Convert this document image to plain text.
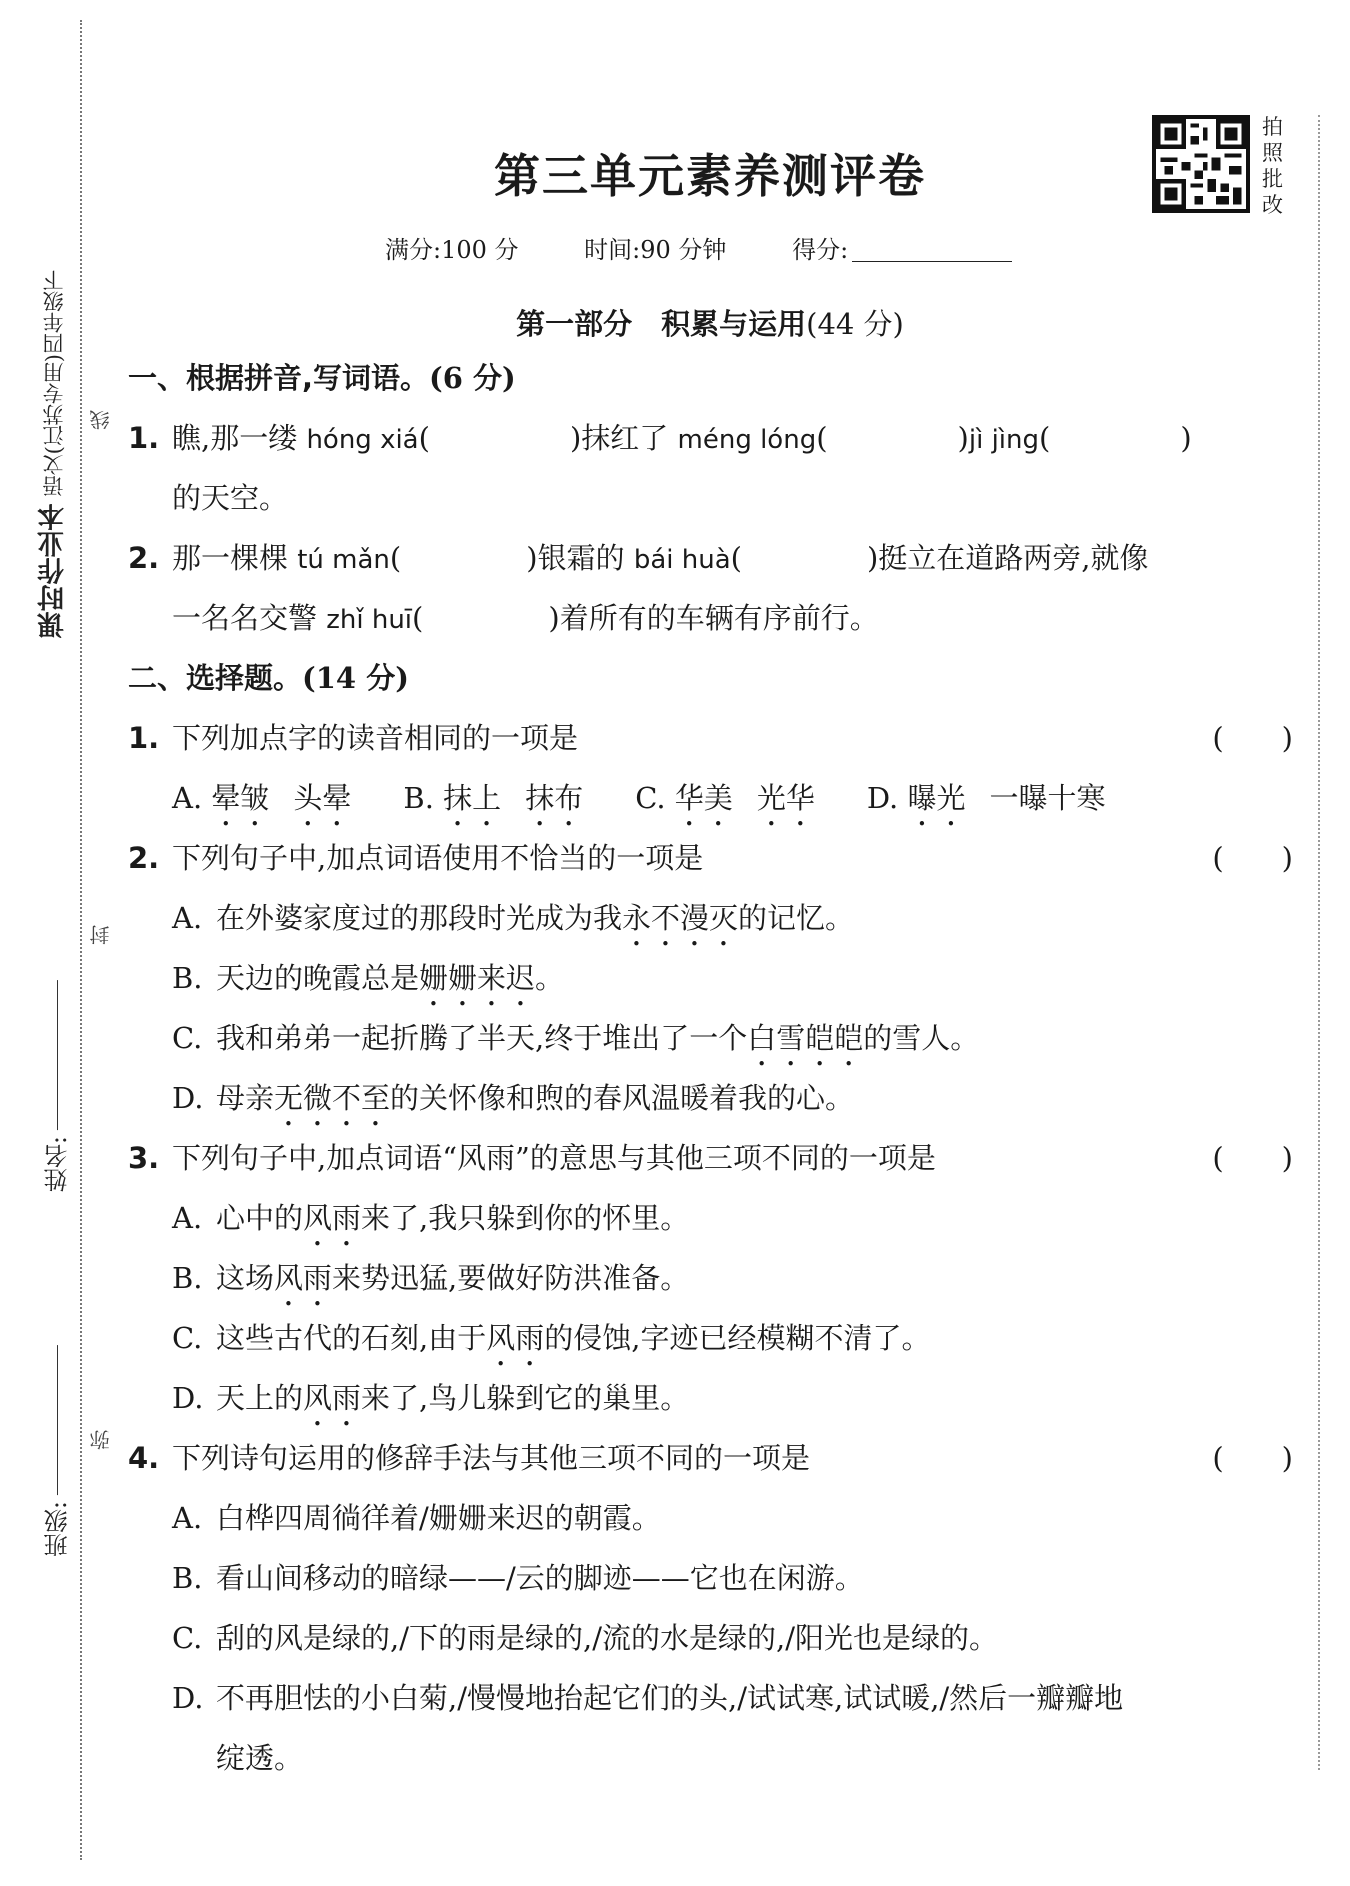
课时作业本 语文(江苏专用)四年级下	线
封
弥
姓名:
班级:
拍照批改
第三单元素养测评卷
满分:100 分	时间:90 分钟	得分:
第一部分　积累与运用(44 分)
一、根据拼音,写词语。(6 分)
1. 瞧,那一缕 hóng xiá(	)抹红了 méng lóng(	)jì jìng(	)
的天空。
2. 那一棵棵 tú mǎn(	)银霜的 bái huà(	)挺立在道路两旁,就像
一名名交警 zhǐ huī(	)着所有的车辆有序前行。
二、选择题。(14 分)
1. 下列加点字的读音相同的一项是	(　　)
A. 晕皱 头晕 B. 抹上 抹布 C. 华美 光华 D. 曝光 一曝十寒
2. 下列句子中,加点词语使用不恰当的一项是	(　　)
A. 在外婆家度过的那段时光成为我永不漫灭的记忆。
B. 天边的晚霞总是姗姗来迟。
C. 我和弟弟一起折腾了半天,终于堆出了一个白雪皑皑的雪人。
D. 母亲无微不至的关怀像和煦的春风温暖着我的心。
3. 下列句子中,加点词语“风雨”的意思与其他三项不同的一项是	(　　)
A. 心中的风雨来了,我只躲到你的怀里。
B. 这场风雨来势迅猛,要做好防洪准备。
C. 这些古代的石刻,由于风雨的侵蚀,字迹已经模糊不清了。
D. 天上的风雨来了,鸟儿躲到它的巢里。
4. 下列诗句运用的修辞手法与其他三项不同的一项是	(　　)
A. 白桦四周徜徉着/姗姗来迟的朝霞。
B. 看山间移动的暗绿——/云的脚迹——它也在闲游。
C. 刮的风是绿的,/下的雨是绿的,/流的水是绿的,/阳光也是绿的。
D. 不再胆怯的小白菊,/慢慢地抬起它们的头,/试试寒,试试暖,/然后一瓣瓣地
绽透。
